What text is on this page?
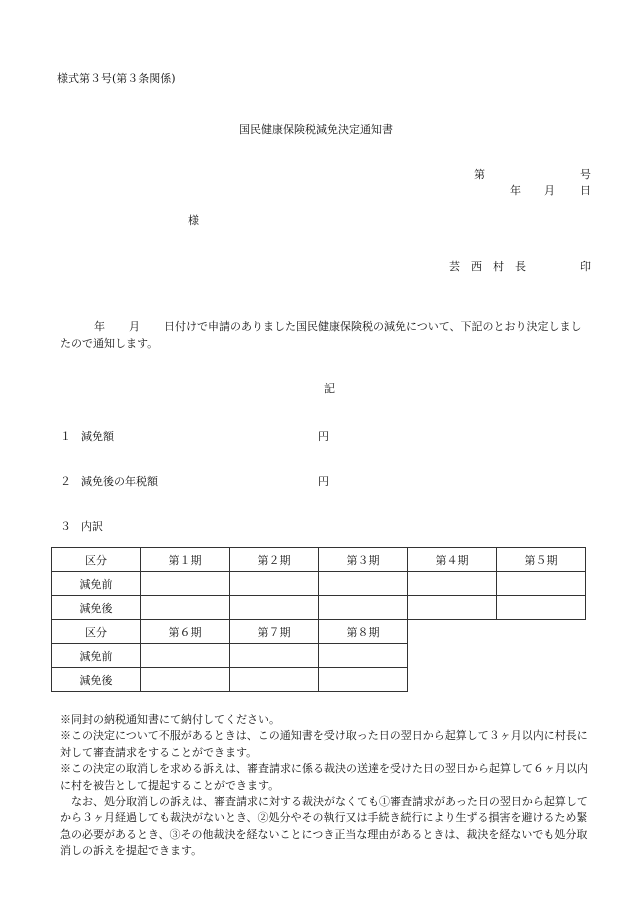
様式第３号(第３条関係)
国民健康保険税減免決定通知書
第	号
年 月 日
様
芸　西　村　長	印
年 月 日付けで申請のありました国民健康保険税の減免について、下記のとおり決定しましたので通知します。
記
１ 減免額	円
２ 減免後の年税額	円
３ 内訳
区分	第１期	第２期	第３期	第４期	第５期
減免前					
減免後					
区分	第６期	第７期	第８期		
減免前					
減免後					

※同封の納税通知書にて納付してください。

※この決定について不服があるときは、この通知書を受け取った日の翌日から起算して３ヶ月以内に村長に対して審査請求をすることができます。

※この決定の取消しを求める訴えは、審査請求に係る裁決の送達を受けた日の翌日から起算して６ヶ月以内に村を被告として提起することができます。

　なお、処分取消しの訴えは、審査請求に対する裁決がなくても①審査請求があった日の翌日から起算してから３ヶ月経過しても裁決がないとき、②処分やその執行又は手続き続行により生ずる損害を避けるため緊急の必要があるとき、③その他裁決を経ないことにつき正当な理由があるときは、裁決を経ないでも処分取消しの訴えを提起できます。
